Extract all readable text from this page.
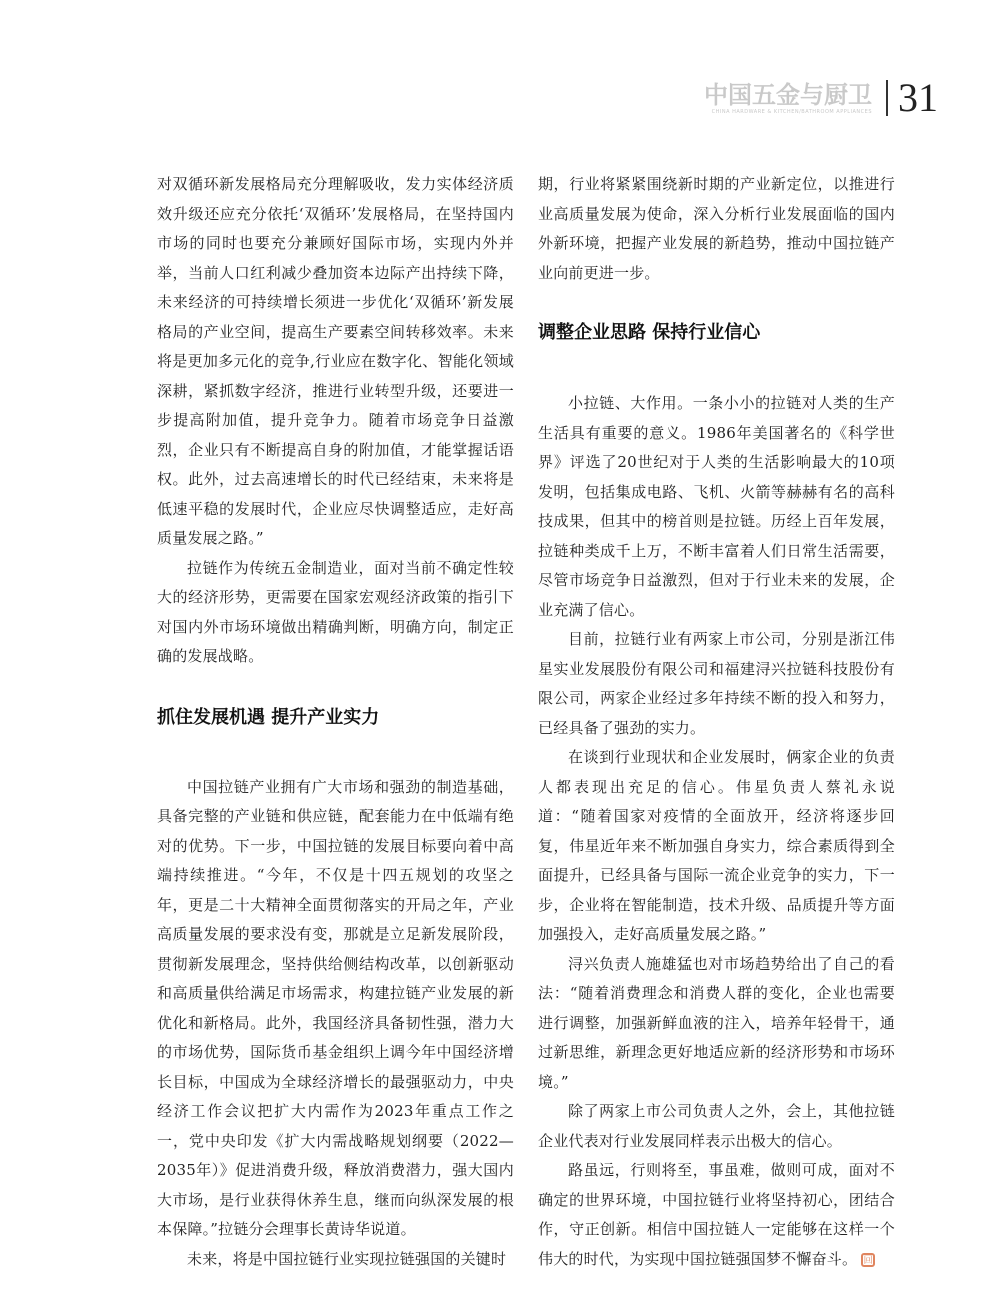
中国五金与厨卫
CHINA HARDWARE & KITCHEN/BATHROOM APPLIANCES 31

对双循环新发展格局充分理解吸收，发力实体经济质效升级还应充分依托‘双循环’发展格局，在坚持国内市场的同时也要充分兼顾好国际市场，实现内外并举，当前人口红利减少叠加资本边际产出持续下降，未来经济的可持续增长须进一步优化‘双循环’新发展格局的产业空间，提高生产要素空间转移效率。未来将是更加多元化的竞争,行业应在数字化、智能化领域深耕，紧抓数字经济，推进行业转型升级，还要进一步提高附加值，提升竞争力。随着市场竞争日益激烈，企业只有不断提高自身的附加值，才能掌握话语权。此外，过去高速增长的时代已经结束，未来将是低速平稳的发展时代，企业应尽快调整适应，走好高质量发展之路。”

拉链作为传统五金制造业，面对当前不确定性较大的经济形势，更需要在国家宏观经济政策的指引下对国内外市场环境做出精确判断，明确方向，制定正确的发展战略。

抓住发展机遇 提升产业实力

中国拉链产业拥有广大市场和强劲的制造基础，具备完整的产业链和供应链，配套能力在中低端有绝对的优势。下一步，中国拉链的发展目标要向着中高端持续推进。“今年，不仅是十四五规划的攻坚之年，更是二十大精神全面贯彻落实的开局之年，产业高质量发展的要求没有变，那就是立足新发展阶段，贯彻新发展理念，坚持供给侧结构改革，以创新驱动和高质量供给满足市场需求，构建拉链产业发展的新优化和新格局。此外，我国经济具备韧性强，潜力大的市场优势，国际货币基金组织上调今年中国经济增长目标，中国成为全球经济增长的最强驱动力，中央经济工作会议把扩大内需作为2023年重点工作之一，党中央印发《扩大内需战略规划纲要（2022—2035年）》促进消费升级，释放消费潜力，强大国内大市场，是行业获得休养生息，继而向纵深发展的根本保障。”拉链分会理事长黄诗华说道。

未来，将是中国拉链行业实现拉链强国的关键时

期，行业将紧紧围绕新时期的产业新定位，以推进行业高质量发展为使命，深入分析行业发展面临的国内外新环境，把握产业发展的新趋势，推动中国拉链产业向前更进一步。

调整企业思路 保持行业信心

小拉链、大作用。一条小小的拉链对人类的生产生活具有重要的意义。1986年美国著名的《科学世界》评选了20世纪对于人类的生活影响最大的10项发明，包括集成电路、飞机、火箭等赫赫有名的高科技成果，但其中的榜首则是拉链。历经上百年发展，拉链种类成千上万，不断丰富着人们日常生活需要，尽管市场竞争日益激烈，但对于行业未来的发展，企业充满了信心。

目前，拉链行业有两家上市公司，分别是浙江伟星实业发展股份有限公司和福建浔兴拉链科技股份有限公司，两家企业经过多年持续不断的投入和努力，已经具备了强劲的实力。

在谈到行业现状和企业发展时，俩家企业的负责人都表现出充足的信心。伟星负责人蔡礼永说道：“随着国家对疫情的全面放开，经济将逐步回复，伟星近年来不断加强自身实力，综合素质得到全面提升，已经具备与国际一流企业竞争的实力，下一步，企业将在智能制造，技术升级、品质提升等方面加强投入，走好高质量发展之路。”

浔兴负责人施雄猛也对市场趋势给出了自己的看法：“随着消费理念和消费人群的变化，企业也需要进行调整，加强新鲜血液的注入，培养年轻骨干，通过新思维，新理念更好地适应新的经济形势和市场环境。”

除了两家上市公司负责人之外，会上，其他拉链企业代表对行业发展同样表示出极大的信心。

路虽远，行则将至，事虽难，做则可成，面对不确定的世界环境，中国拉链行业将坚持初心，团结合作，守正创新。相信中国拉链人一定能够在这样一个伟大的时代，为实现中国拉链强国梦不懈奋斗。 回
